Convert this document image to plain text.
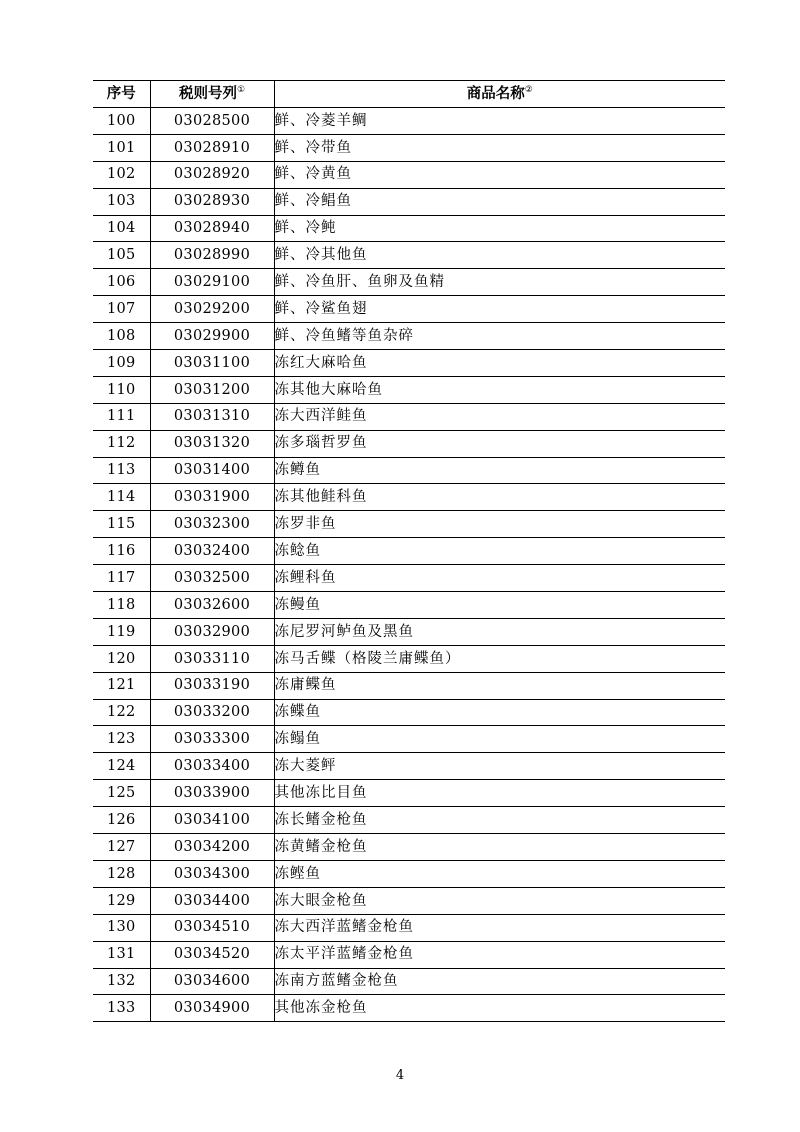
序号	税则号列①	商品名称②
100	03028500	鲜、冷菱羊鲷
101	03028910	鲜、冷带鱼
102	03028920	鲜、冷黄鱼
103	03028930	鲜、冷鲳鱼
104	03028940	鲜、冷鲀
105	03028990	鲜、冷其他鱼
106	03029100	鲜、冷鱼肝、鱼卵及鱼精
107	03029200	鲜、冷鲨鱼翅
108	03029900	鲜、冷鱼鳍等鱼杂碎
109	03031100	冻红大麻哈鱼
110	03031200	冻其他大麻哈鱼
111	03031310	冻大西洋鲑鱼
112	03031320	冻多瑙哲罗鱼
113	03031400	冻鳟鱼
114	03031900	冻其他鲑科鱼
115	03032300	冻罗非鱼
116	03032400	冻鲶鱼
117	03032500	冻鲤科鱼
118	03032600	冻鳗鱼
119	03032900	冻尼罗河鲈鱼及黑鱼
120	03033110	冻马舌鲽（格陵兰庸鲽鱼）
121	03033190	冻庸鲽鱼
122	03033200	冻鲽鱼
123	03033300	冻鳎鱼
124	03033400	冻大菱鲆
125	03033900	其他冻比目鱼
126	03034100	冻长鳍金枪鱼
127	03034200	冻黄鳍金枪鱼
128	03034300	冻鲣鱼
129	03034400	冻大眼金枪鱼
130	03034510	冻大西洋蓝鳍金枪鱼
131	03034520	冻太平洋蓝鳍金枪鱼
132	03034600	冻南方蓝鳍金枪鱼
133	03034900	其他冻金枪鱼
4
